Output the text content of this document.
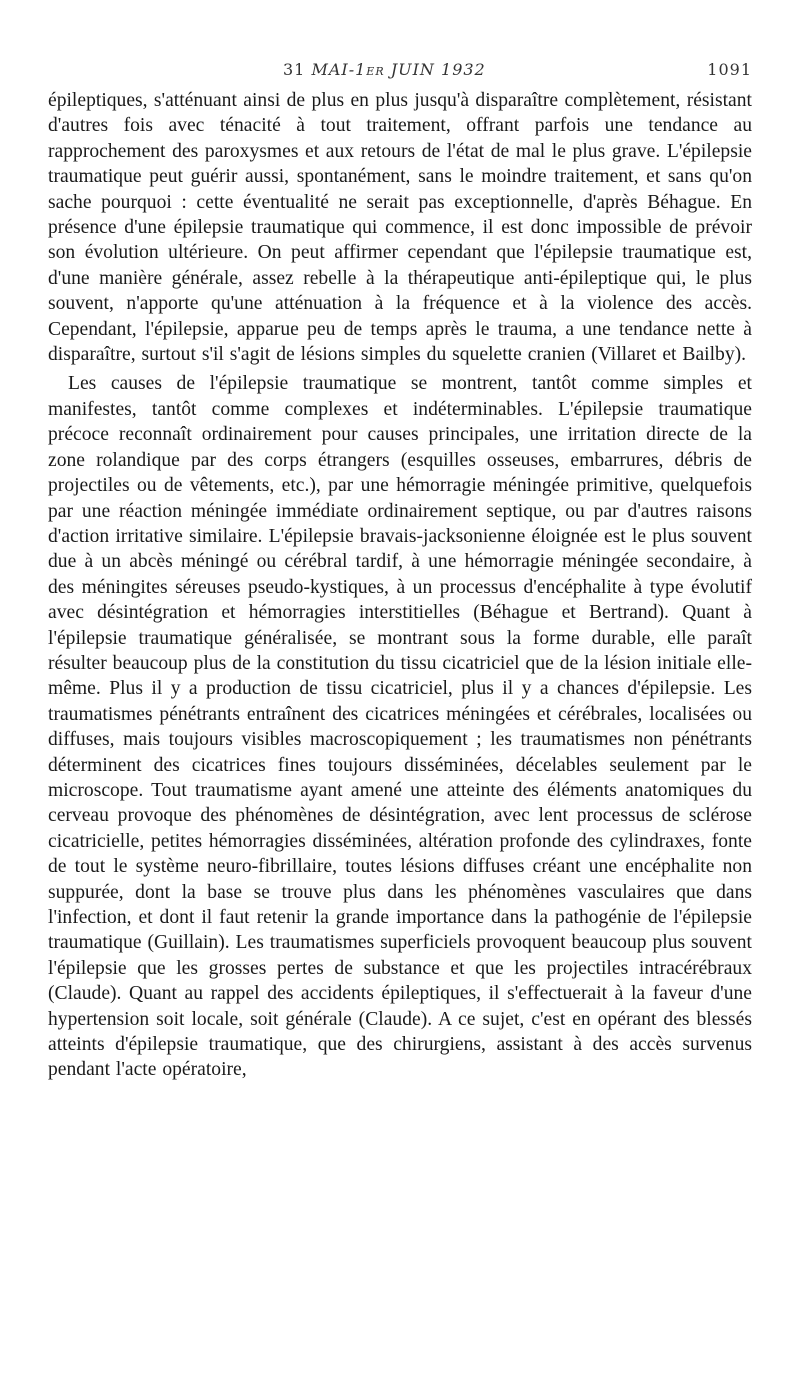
31 MAI-1er JUIN 1932	1091

épileptiques, s'atténuant ainsi de plus en plus jusqu'à disparaître complètement, résistant d'autres fois avec ténacité à tout traitement, offrant parfois une tendance au rapprochement des paroxysmes et aux retours de l'état de mal le plus grave. L'épilepsie traumatique peut guérir aussi, spontanément, sans le moindre traitement, et sans qu'on sache pourquoi : cette éventualité ne serait pas exceptionnelle, d'après Béhague. En présence d'une épilepsie traumatique qui commence, il est donc impossible de prévoir son évolution ultérieure. On peut affirmer cependant que l'épilepsie traumatique est, d'une manière générale, assez rebelle à la thérapeutique anti-épileptique qui, le plus souvent, n'apporte qu'une atténuation à la fréquence et à la violence des accès. Cependant, l'épilepsie, apparue peu de temps après le trauma, a une tendance nette à disparaître, surtout s'il s'agit de lésions simples du squelette cranien (Villaret et Bailby).

Les causes de l'épilepsie traumatique se montrent, tantôt comme simples et manifestes, tantôt comme complexes et indéterminables. L'épilepsie traumatique précoce reconnaît ordinairement pour causes principales, une irritation directe de la zone rolandique par des corps étrangers (esquilles osseuses, embarrures, débris de projectiles ou de vêtements, etc.), par une hémorragie méningée primitive, quelquefois par une réaction méningée immédiate ordinairement septique, ou par d'autres raisons d'action irritative similaire. L'épilepsie bravais-jacksonienne éloignée est le plus souvent due à un abcès méningé ou cérébral tardif, à une hémorragie méningée secondaire, à des méningites séreuses pseudo-kystiques, à un processus d'encéphalite à type évolutif avec désintégration et hémorragies interstitielles (Béhague et Bertrand). Quant à l'épilepsie traumatique généralisée, se montrant sous la forme durable, elle paraît résulter beaucoup plus de la constitution du tissu cicatriciel que de la lésion initiale elle-même. Plus il y a production de tissu cicatriciel, plus il y a chances d'épilepsie. Les traumatismes pénétrants entraînent des cicatrices méningées et cérébrales, localisées ou diffuses, mais toujours visibles macroscopiquement ; les traumatismes non pénétrants déterminent des cicatrices fines toujours disséminées, décelables seulement par le microscope. Tout traumatisme ayant amené une atteinte des éléments anatomiques du cerveau provoque des phénomènes de désintégration, avec lent processus de sclérose cicatricielle, petites hémorragies disséminées, altération profonde des cylindraxes, fonte de tout le système neuro-fibrillaire, toutes lésions diffuses créant une encéphalite non suppurée, dont la base se trouve plus dans les phénomènes vasculaires que dans l'infection, et dont il faut retenir la grande importance dans la pathogénie de l'épilepsie traumatique (Guillain). Les traumatismes superficiels provoquent beaucoup plus souvent l'épilepsie que les grosses pertes de substance et que les projectiles intracérébraux (Claude). Quant au rappel des accidents épileptiques, il s'effectuerait à la faveur d'une hypertension soit locale, soit générale (Claude). A ce sujet, c'est en opérant des blessés atteints d'épilepsie traumatique, que des chirurgiens, assistant à des accès survenus pendant l'acte opératoire,
